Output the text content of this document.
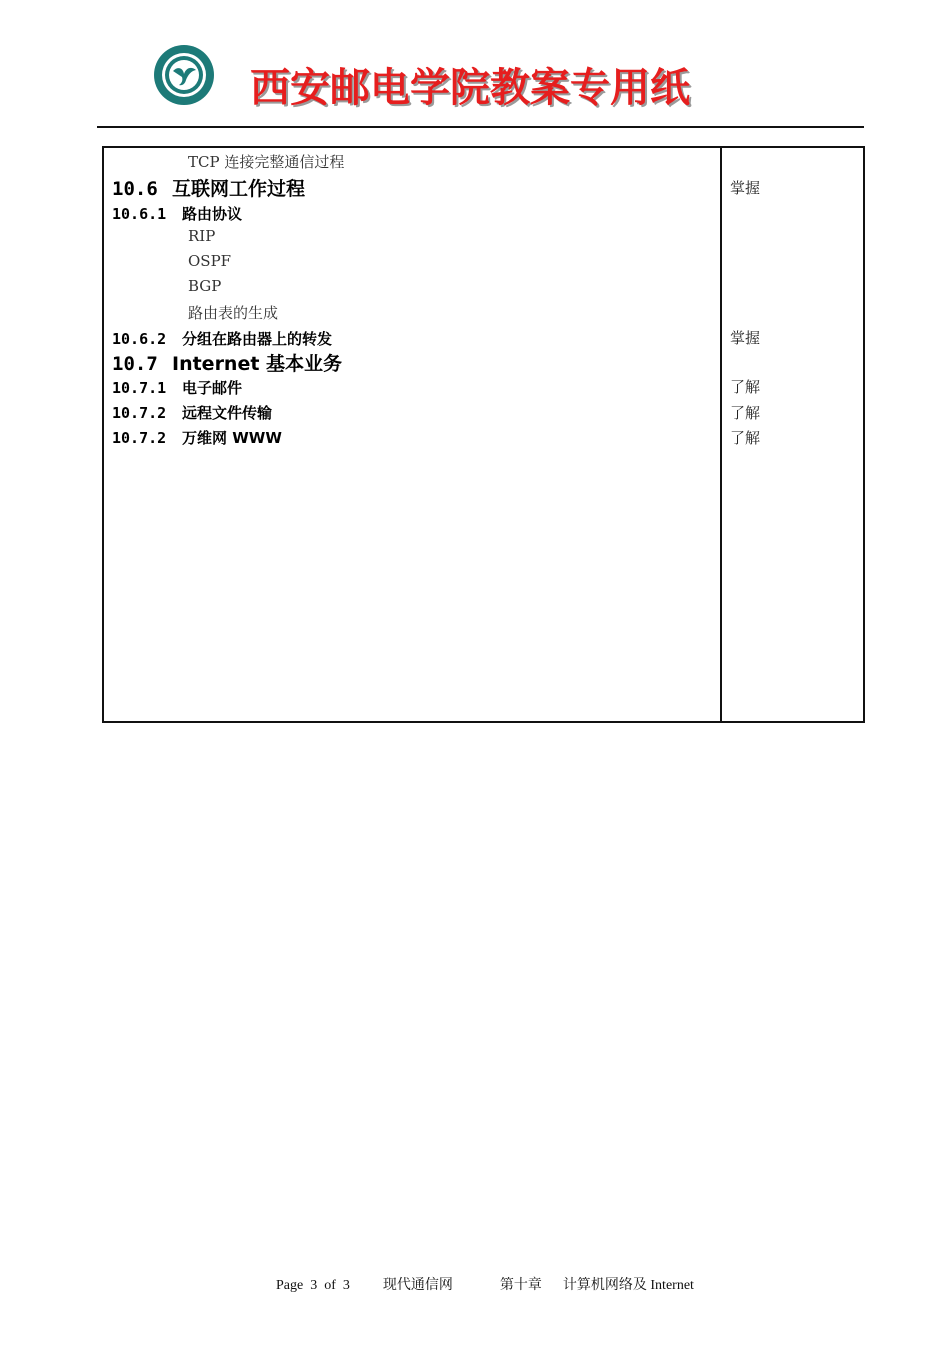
西安邮电学院教案专用纸
TCP 连接完整通信过程
10.6 互联网工作过程
10.6.1 路由协议
RIP
OSPF
BGP
路由表的生成
10.6.2 分组在路由器上的转发
10.7 Internet 基本业务
10.7.1 电子邮件
10.7.2 远程文件传输
10.7.2 万维网 WWW
掌握
掌握
了解
了解
了解
Page 3 of 3 现代通信网	第十章 计算机网络及 Internet
